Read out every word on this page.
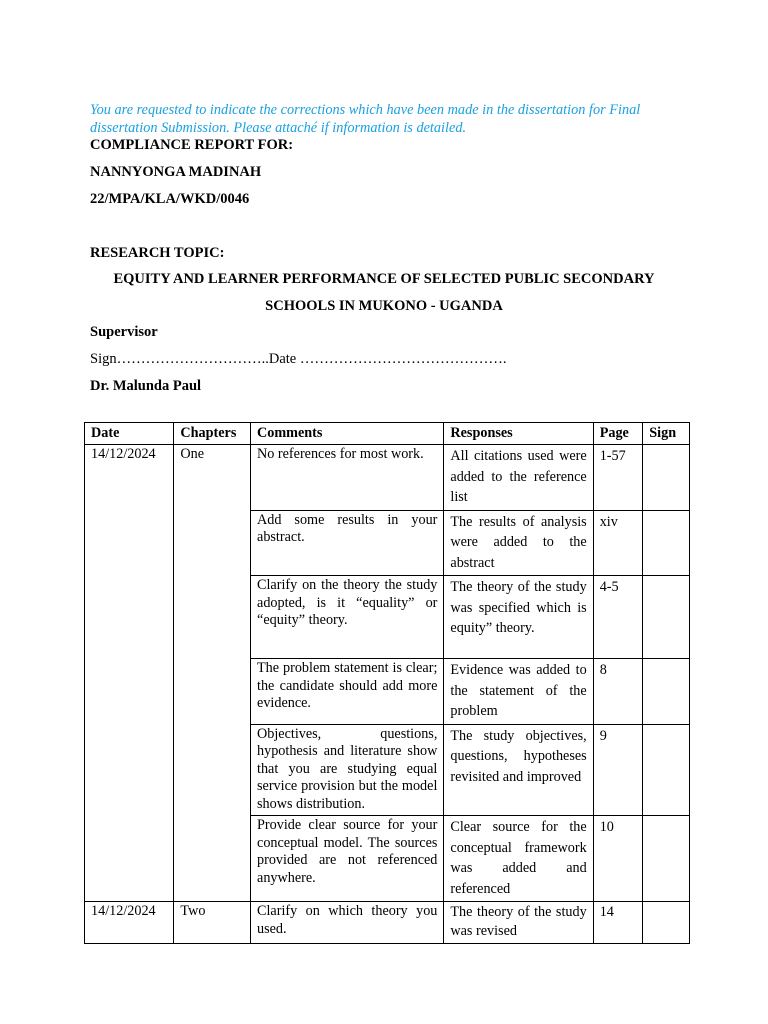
You are requested to indicate the corrections which have been made in the dissertation for Final dissertation Submission. Please attaché if information is detailed.
COMPLIANCE REPORT FOR:
NANNYONGA MADINAH
22/MPA/KLA/WKD/0046
RESEARCH TOPIC:
EQUITY AND LEARNER PERFORMANCE OF SELECTED PUBLIC SECONDARY
SCHOOLS IN MUKONO - UGANDA
Supervisor
Sign…………………………..Date …………………………………….
Dr. Malunda Paul
Date	Chapters	Comments	Responses	Page	Sign
14/12/2024	One	No references for most work.	All citations used were added to the reference list	1-57	
		Add some results in your abstract.	The results of analysis were added to the abstract	xiv	
		Clarify on the theory the study adopted, is it “equality” or “equity” theory.	The theory of the study was specified which is equity” theory.	4-5	
		The problem statement is clear; the candidate should add more evidence.	Evidence was added to the statement of the problem	8	
		Objectives, questions, hypothesis and literature show that you are studying equal service provision but the model shows distribution.	The study objectives, questions, hypotheses revisited and improved	9	
		Provide clear source for your conceptual model. The sources provided are not referenced anywhere.	Clear source for the conceptual framework was added and referenced	10	
14/12/2024	Two	Clarify on which theory you used.	The theory of the study was revised	14	
